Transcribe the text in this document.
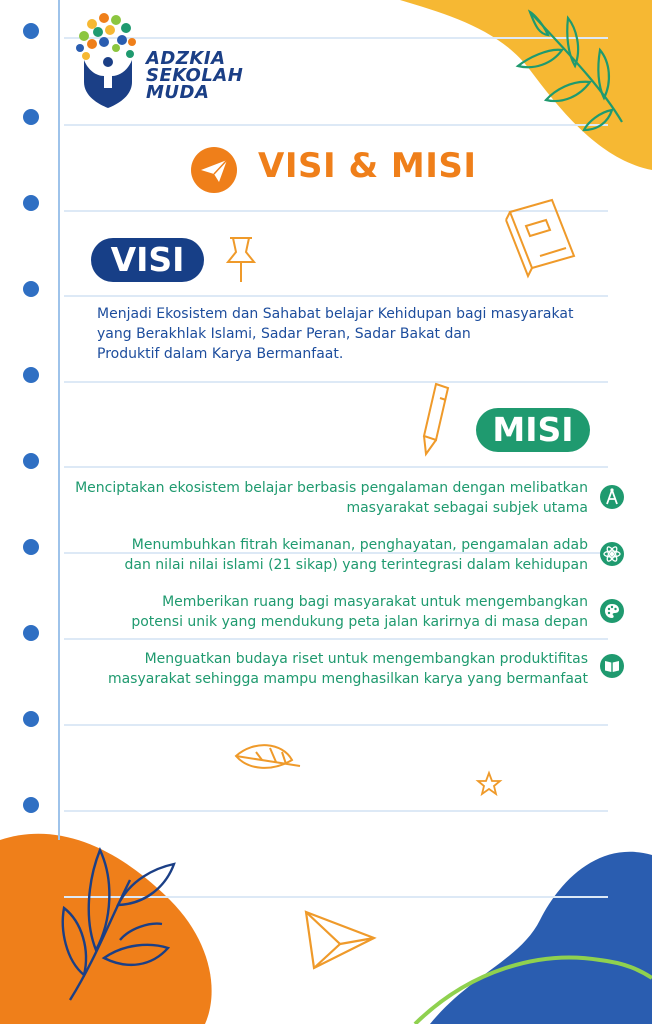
ADZKIA
SEKOLAH
MUDA
VISI & MISI
VISI
Menjadi Ekosistem dan Sahabat belajar Kehidupan bagi masyarakat
yang Berakhlak Islami, Sadar Peran, Sadar Bakat dan
Produktif dalam Karya Bermanfaat.
MISI
Menciptakan ekosistem belajar berbasis pengalaman dengan melibatkan
masyarakat sebagai subjek utama
Menumbuhkan fitrah keimanan, penghayatan, pengamalan adab
dan nilai nilai islami (21 sikap) yang terintegrasi dalam kehidupan
Memberikan ruang bagi masyarakat untuk mengembangkan
potensi unik yang mendukung peta jalan karirnya di masa depan
Menguatkan budaya riset untuk mengembangkan produktifitas
masyarakat sehingga mampu menghasilkan karya yang bermanfaat
